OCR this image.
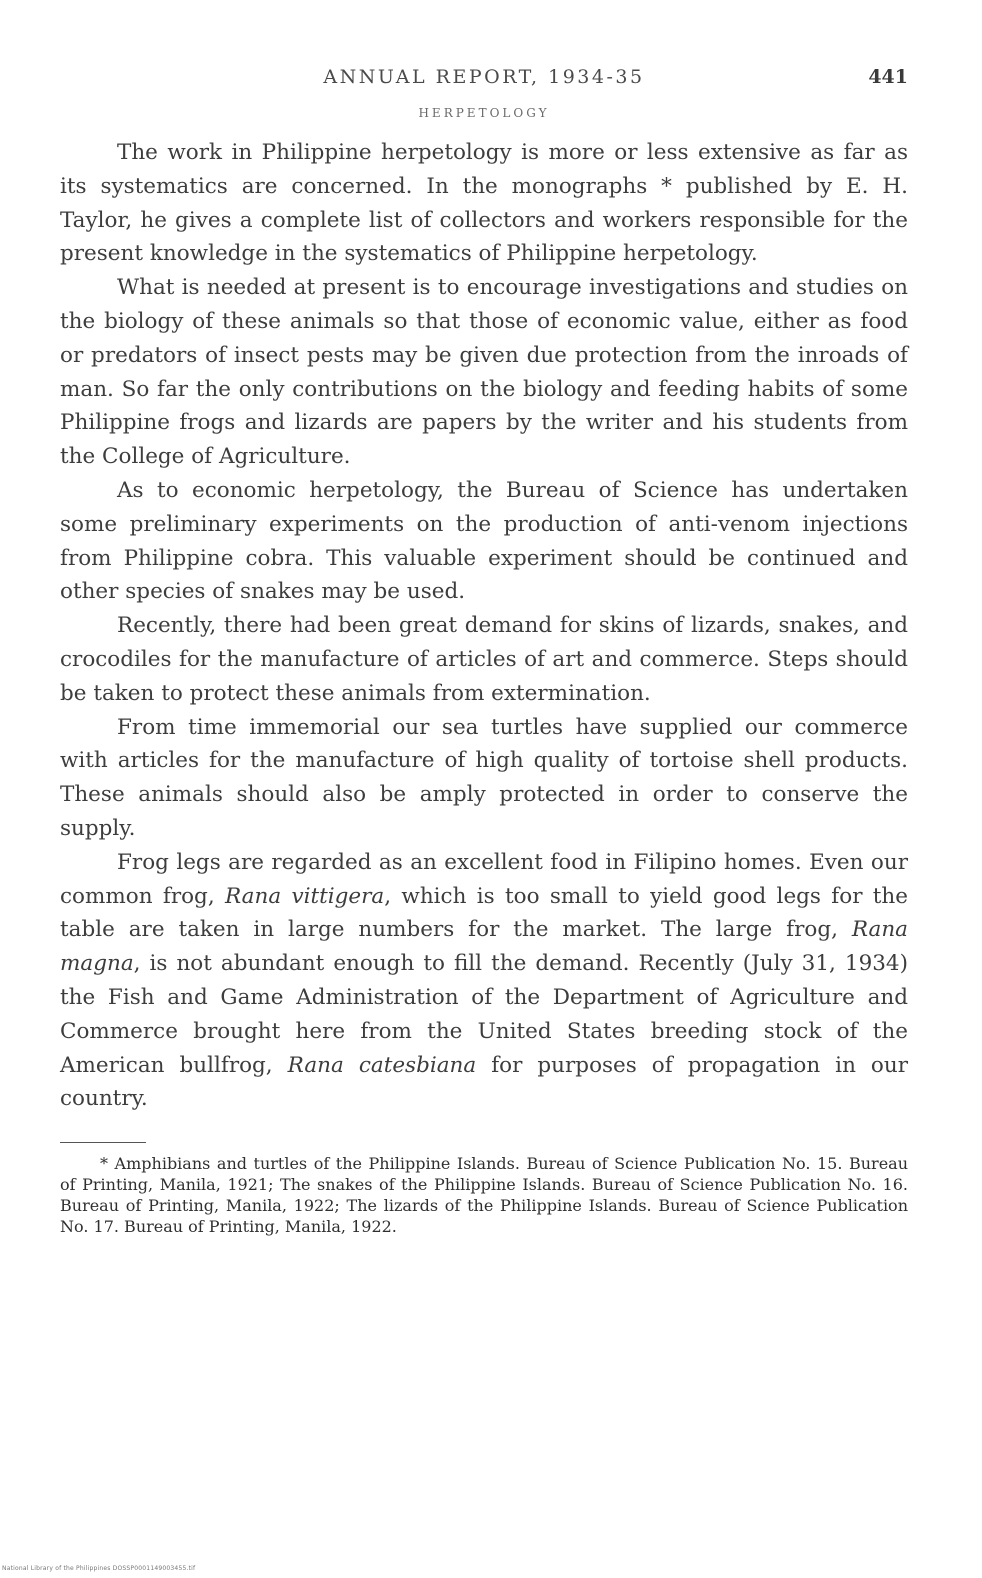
ANNUAL REPORT, 1934-35	441
HERPETOLOGY

The work in Philippine herpetology is more or less extensive as far as its systematics are concerned. In the monographs * published by E. H. Taylor, he gives a complete list of collectors and workers responsible for the present knowledge in the systematics of Philippine herpetology.

What is needed at present is to encourage investigations and studies on the biology of these animals so that those of economic value, either as food or predators of insect pests may be given due protection from the inroads of man. So far the only contributions on the biology and feeding habits of some Philippine frogs and lizards are papers by the writer and his students from the College of Agriculture.

As to economic herpetology, the Bureau of Science has undertaken some preliminary experiments on the production of anti-venom injections from Philippine cobra. This valuable experiment should be continued and other species of snakes may be used.

Recently, there had been great demand for skins of lizards, snakes, and crocodiles for the manufacture of articles of art and commerce. Steps should be taken to protect these animals from extermination.

From time immemorial our sea turtles have supplied our commerce with articles for the manufacture of high quality of tortoise shell products. These animals should also be amply protected in order to conserve the supply.

Frog legs are regarded as an excellent food in Filipino homes. Even our common frog, Rana vittigera, which is too small to yield good legs for the table are taken in large numbers for the market. The large frog, Rana magna, is not abundant enough to fill the demand. Recently (July 31, 1934) the Fish and Game Administration of the Department of Agriculture and Commerce brought here from the United States breeding stock of the American bullfrog, Rana catesbiana for purposes of propagation in our country.

* Amphibians and turtles of the Philippine Islands. Bureau of Science Publication No. 15. Bureau of Printing, Manila, 1921; The snakes of the Philippine Islands. Bureau of Science Publication No. 16. Bureau of Printing, Manila, 1922; The lizards of the Philippine Islands. Bureau of Science Publication No. 17. Bureau of Printing, Manila, 1922.
National Library of the Philippines DOSSP0001149003455.tif
